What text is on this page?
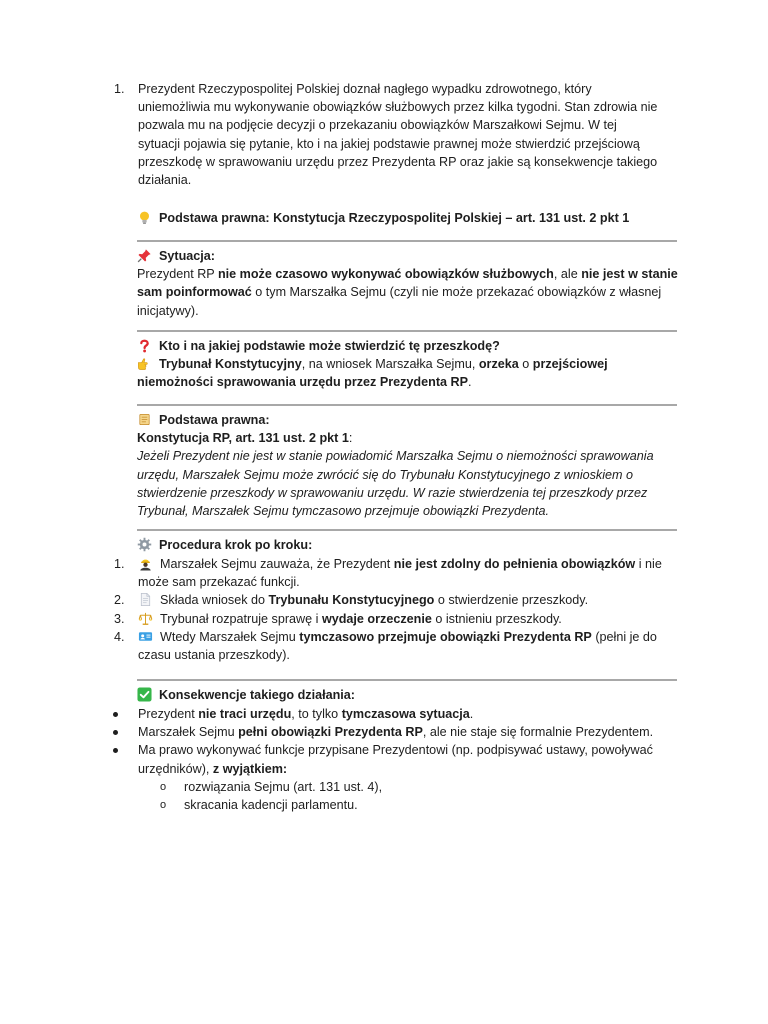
1. Prezydent Rzeczypospolitej Polskiej doznał nagłego wypadku zdrowotnego, który
uniemożliwia mu wykonywanie obowiązków służbowych przez kilka tygodni. Stan zdrowia nie
pozwala mu na podjęcie decyzji o przekazaniu obowiązków Marszałkowi Sejmu. W tej
sytuacji pojawia się pytanie, kto i na jakiej podstawie prawnej może stwierdzić przejściową
przeszkodę w sprawowaniu urzędu przez Prezydenta RP oraz jakie są konsekwencje takiego
działania.
Podstawa prawna: Konstytucja Rzeczypospolitej Polskiej – art. 131 ust. 2 pkt 1
Sytuacja:
Prezydent RP nie może czasowo wykonywać obowiązków służbowych, ale nie jest w stanie
sam poinformować o tym Marszałka Sejmu (czyli nie może przekazać obowiązków z własnej
inicjatywy).
Kto i na jakiej podstawie może stwierdzić tę przeszkodę?
Trybunał Konstytucyjny, na wniosek Marszałka Sejmu, orzeka o przejściowej
niemożności sprawowania urzędu przez Prezydenta RP.
Podstawa prawna:
Konstytucja RP, art. 131 ust. 2 pkt 1:
Jeżeli Prezydent nie jest w stanie powiadomić Marszałka Sejmu o niemożności sprawowania
urzędu, Marszałek Sejmu może zwrócić się do Trybunału Konstytucyjnego z wnioskiem o
stwierdzenie przeszkody w sprawowaniu urzędu. W razie stwierdzenia tej przeszkody przez
Trybunał, Marszałek Sejmu tymczasowo przejmuje obowiązki Prezydenta.
Procedura krok po kroku:
1.	Marszałek Sejmu zauważa, że Prezydent nie jest zdolny do pełnienia obowiązków i nie
może sam przekazać funkcji.
2.	Składa wniosek do Trybunału Konstytucyjnego o stwierdzenie przeszkody.
3.	Trybunał rozpatruje sprawę i wydaje orzeczenie o istnieniu przeszkody.
4.	Wtedy Marszałek Sejmu tymczasowo przejmuje obowiązki Prezydenta RP (pełni je do
czasu ustania przeszkody).
Konsekwencje takiego działania:
Prezydent nie traci urzędu, to tylko tymczasowa sytuacja.
Marszałek Sejmu pełni obowiązki Prezydenta RP, ale nie staje się formalnie Prezydentem.
Ma prawo wykonywać funkcje przypisane Prezydentowi (np. podpisywać ustawy, powoływać
urzędników), z wyjątkiem:
o rozwiązania Sejmu (art. 131 ust. 4),
o skracania kadencji parlamentu.
